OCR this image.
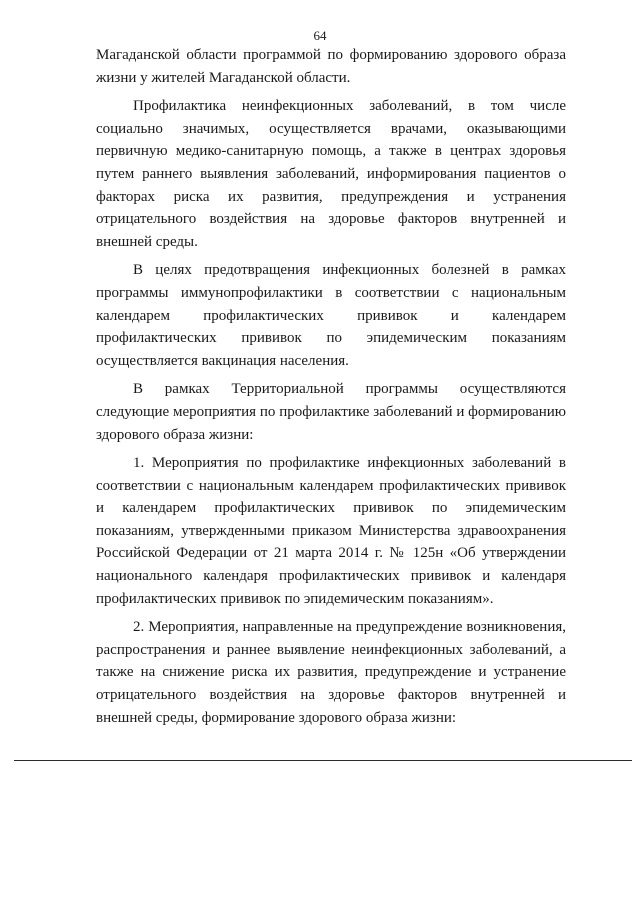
64

Магаданской области программой по формированию здорового образа жизни у жителей Магаданской области.

Профилактика неинфекционных заболеваний, в том числе социально значимых, осуществляется врачами, оказывающими первичную медико-санитарную помощь, а также в центрах здоровья путем раннего выявления заболеваний, информирования пациентов о факторах риска их развития, предупреждения и устранения отрицательного воздействия на здоровье факторов внутренней и внешней среды.

В целях предотвращения инфекционных болезней в рамках программы иммунопрофилактики в соответствии с национальным календарем профилактических прививок и календарем профилактических прививок по эпидемическим показаниям осуществляется вакцинация населения.

В рамках Территориальной программы осуществляются следующие мероприятия по профилактике заболеваний и формированию здорового образа жизни:

1. Мероприятия по профилактике инфекционных заболеваний в соответствии с национальным календарем профилактических прививок и календарем профилактических прививок по эпидемическим показаниям, утвержденными приказом Министерства здравоохранения Российской Федерации от 21 марта 2014 г. № 125н «Об утверждении национального календаря профилактических прививок и календаря профилактических прививок по эпидемическим показаниям».

2. Мероприятия, направленные на предупреждение возникновения, распространения и раннее выявление неинфекционных заболеваний, а также на снижение риска их развития, предупреждение и устранение отрицательного воздействия на здоровье факторов внутренней и внешней среды, формирование здорового образа жизни:
